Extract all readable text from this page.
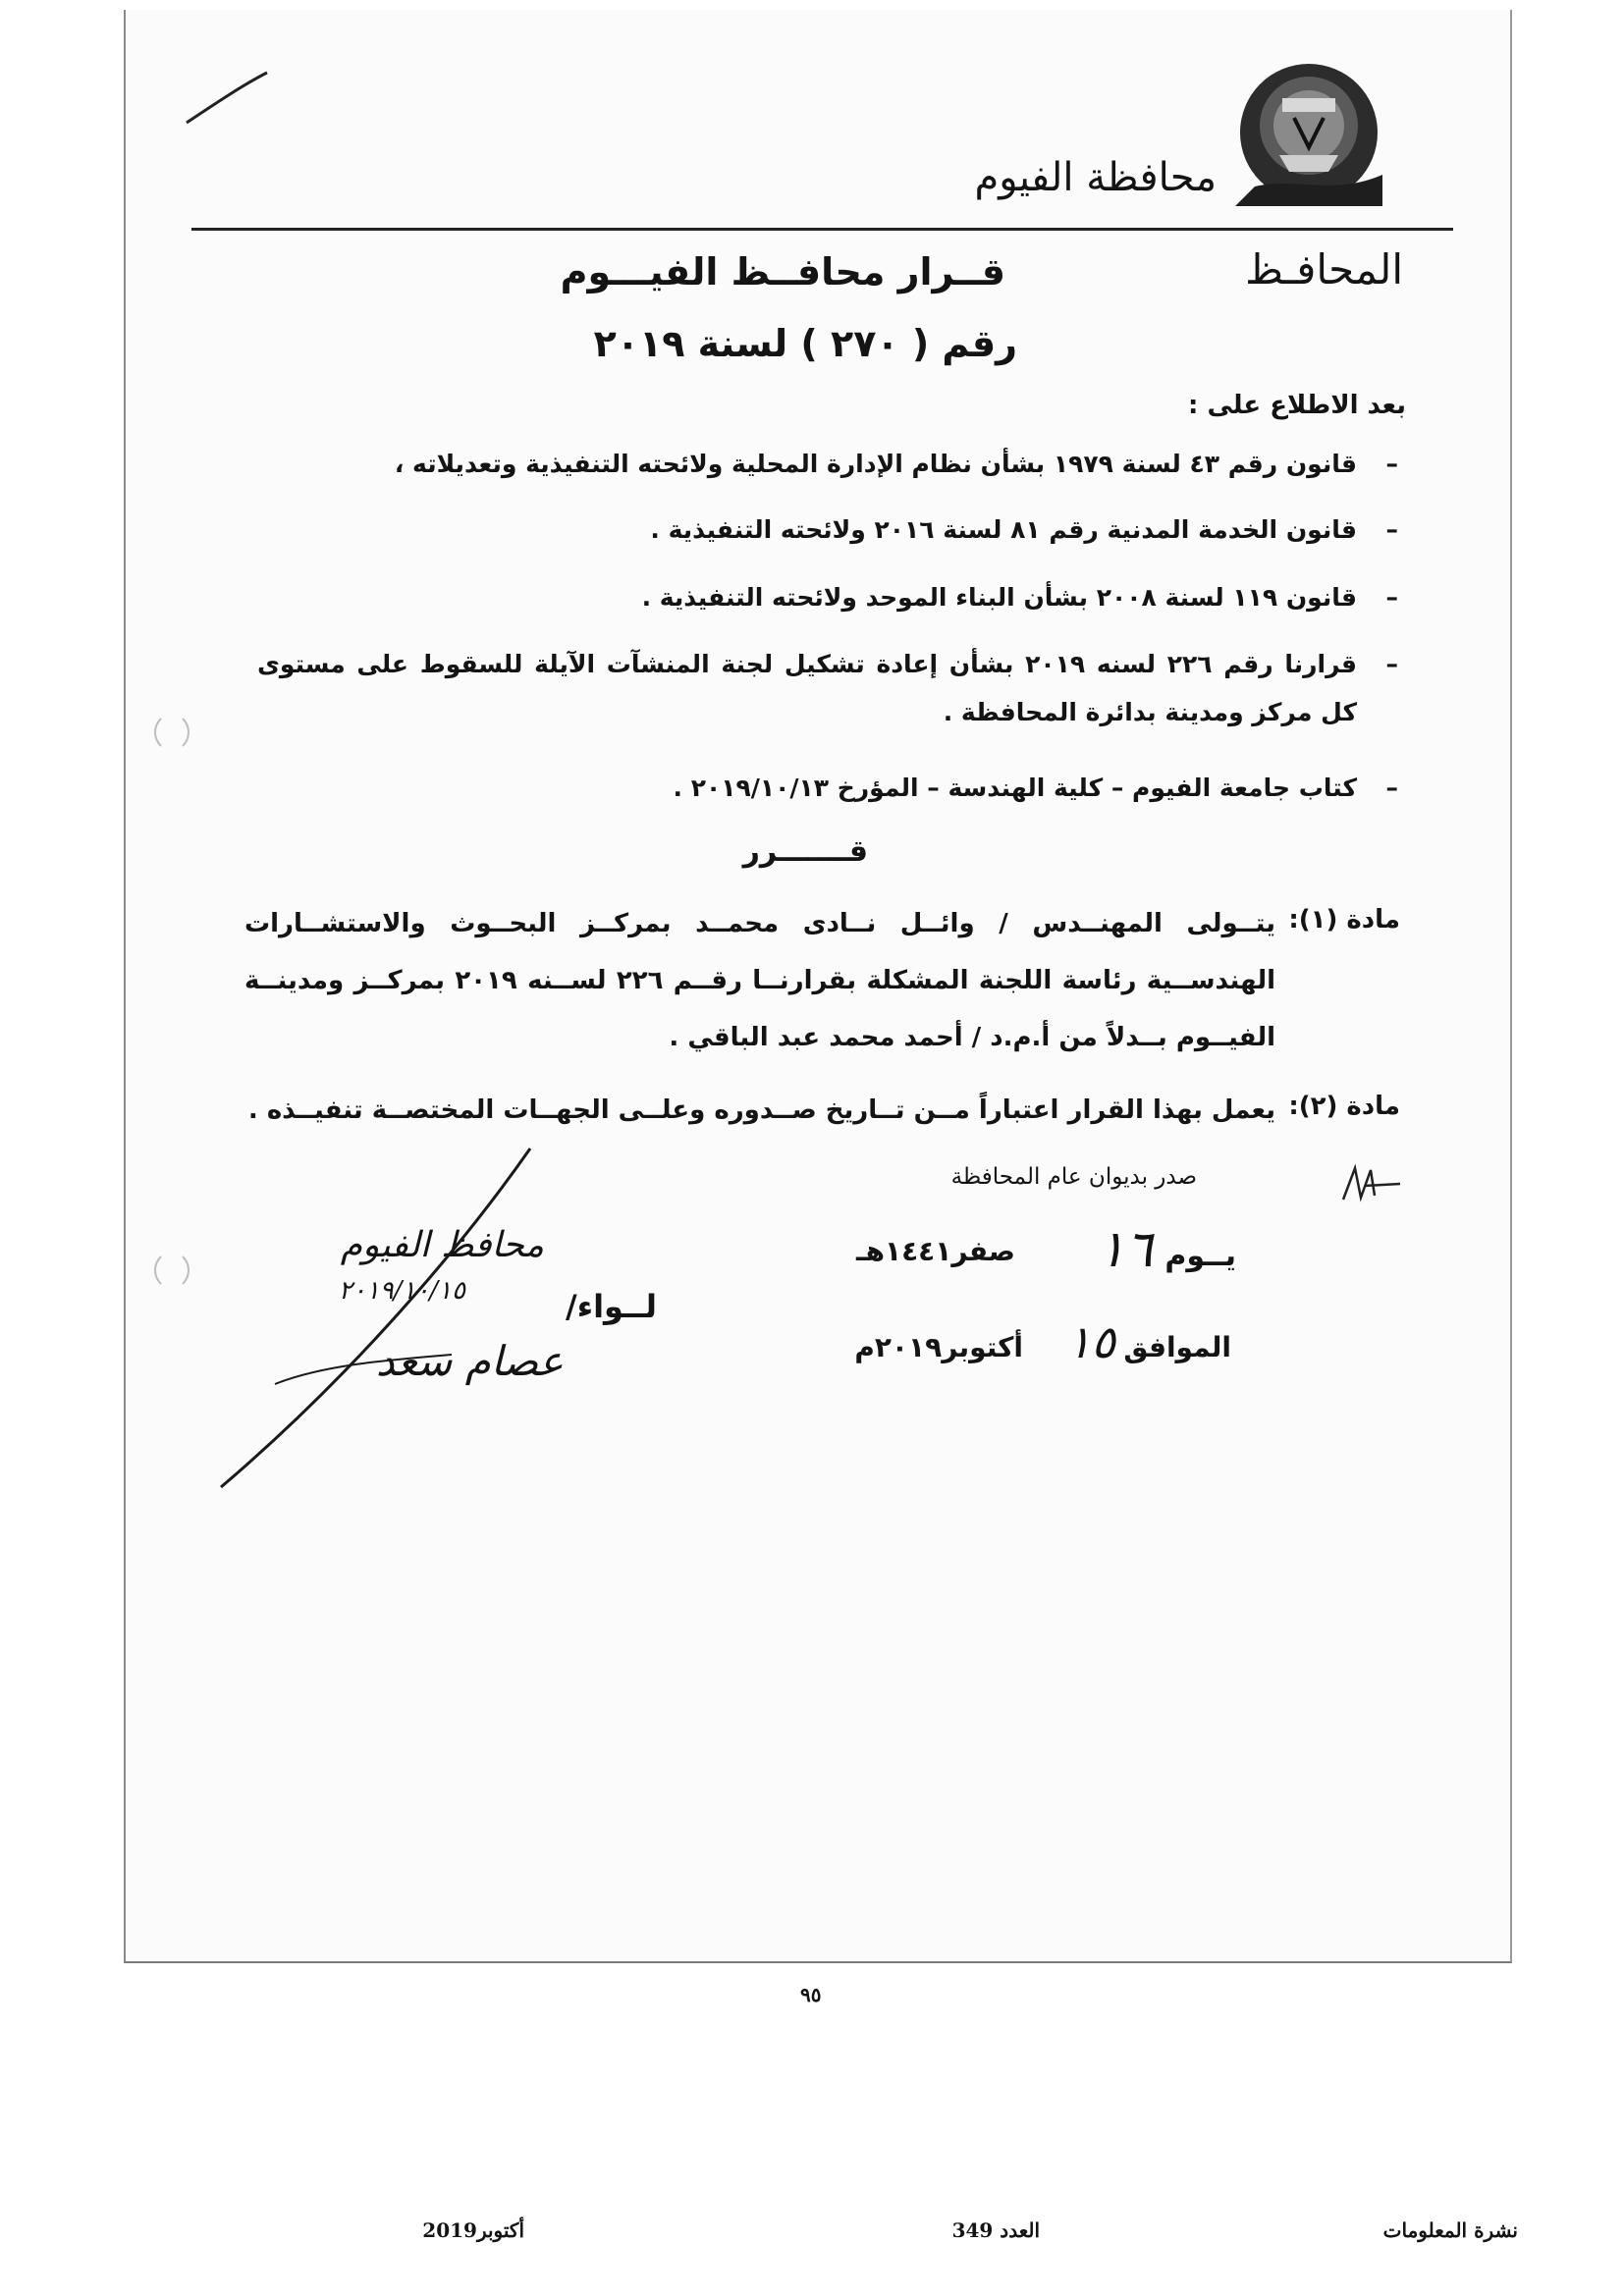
محافظة الفيوم
المحافـظ
قــرار محافــظ الفيـــوم
رقم ( ٢٧٠ ) لسنة ٢٠١٩
بعد الاطلاع على :
–
قانون رقم ٤٣ لسنة ١٩٧٩ بشأن نظام الإدارة المحلية ولائحته التنفيذية وتعديلاته ،
–
قانون الخدمة المدنية رقم ٨١ لسنة ٢٠١٦ ولائحته التنفيذية .
–
قانون ١١٩ لسنة ٢٠٠٨ بشأن البناء الموحد ولائحته التنفيذية .
–
قرارنا رقم ٢٢٦ لسنه ٢٠١٩ بشأن إعادة تشكيل لجنة المنشآت الآيلة للسقوط على مستوى كل مركز ومدينة بدائرة المحافظة .
–
كتاب جامعة الفيوم – كلية الهندسة – المؤرخ ٢٠١٩/١٠/١٣ .
قـــــــرر
مادة (١):
يتــولى المهنــدس / وائــل نــادى محمــد بمركــز البحــوث والاستشــارات الهندســية رئاسة اللجنة المشكلة بقرارنــا رقــم ٢٢٦ لســنه ٢٠١٩ بمركــز ومدينــة الفيــوم بــدلاً من أ.م.د / أحمد محمد عبد الباقي .
مادة (٢):
يعمل بهذا القرار اعتباراً مــن تــاريخ صــدوره وعلــى الجهــات المختصــة تنفيــذه .
صدر بديوان عام المحافظة
يــوم
١٦
صفر١٤٤١هـ
الموافق
١٥
أكتوبر٢٠١٩م
محافظ الفيوم
٢٠١٩/١٠/١٥	لــواء/
عصام سعد
٩٥
نشرة المعلومات
العدد 349
أكتوبر2019
